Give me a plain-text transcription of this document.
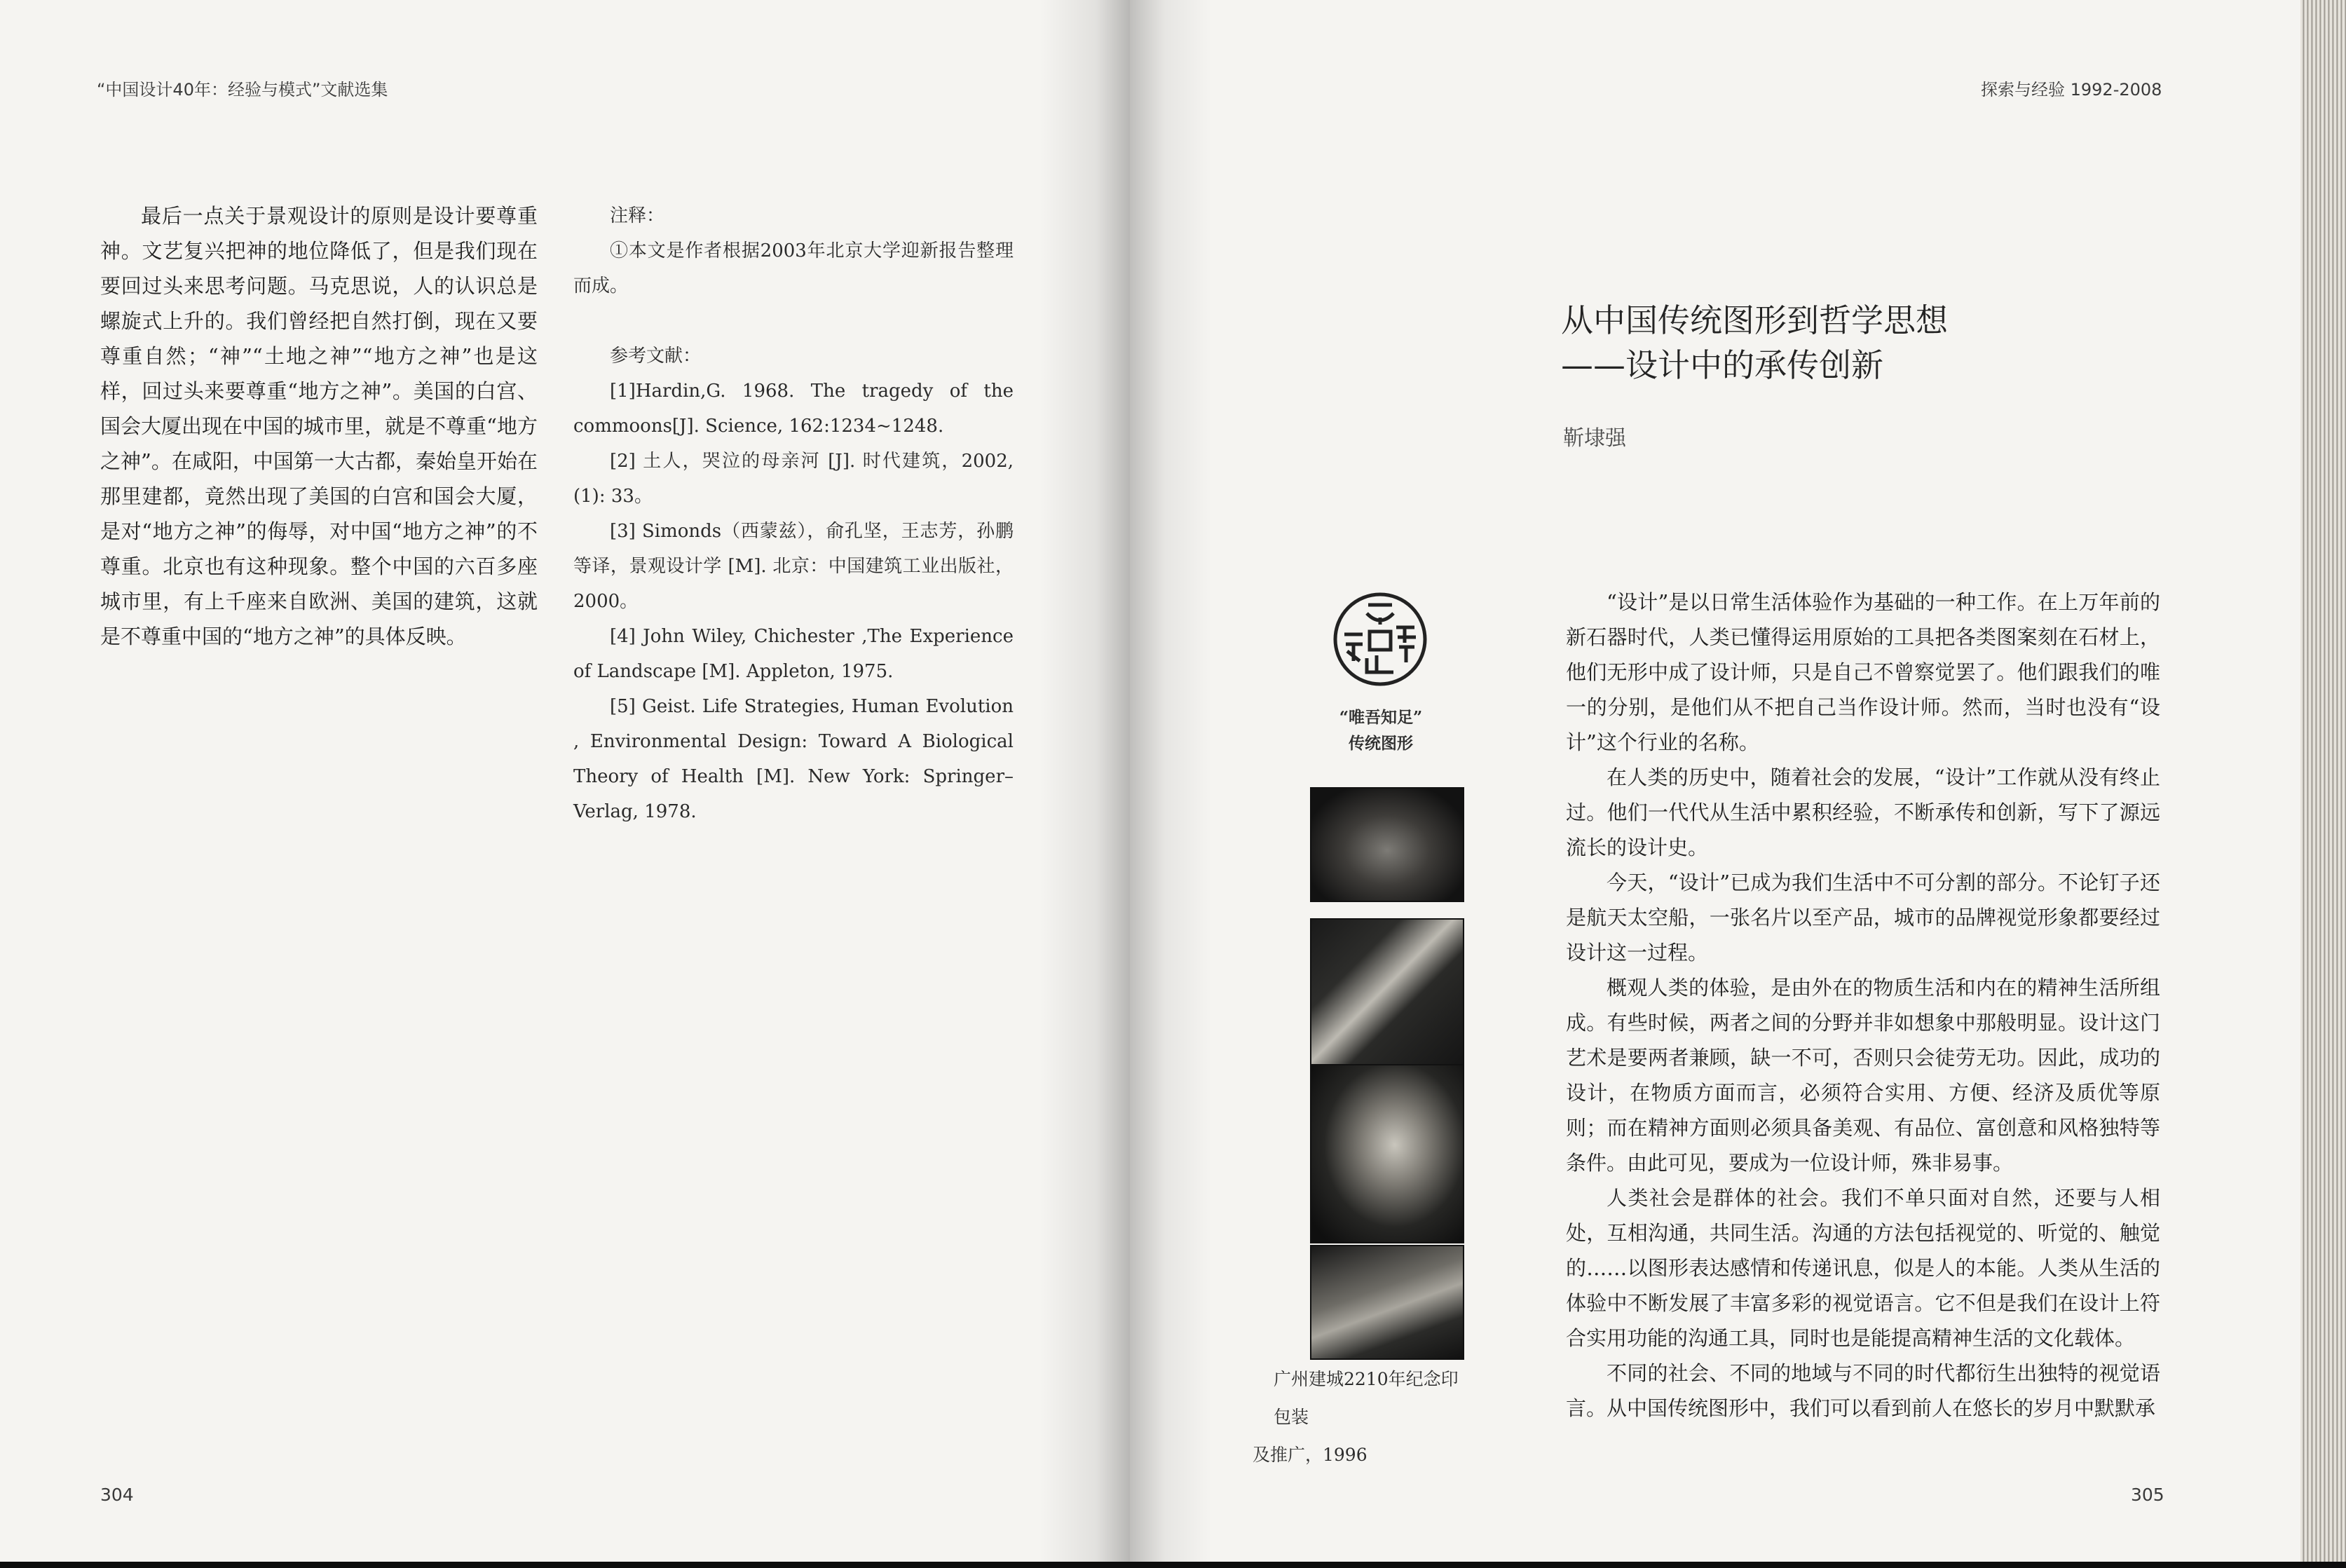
“中国设计40年：经验与模式”文献选集

最后一点关于景观设计的原则是设计要尊重神。文艺复兴把神的地位降低了，但是我们现在要回过头来思考问题。马克思说，人的认识总是螺旋式上升的。我们曾经把自然打倒，现在又要尊重自然；“神”“土地之神”“地方之神”也是这样，回过头来要尊重“地方之神”。美国的白宫、国会大厦出现在中国的城市里，就是不尊重“地方之神”。在咸阳，中国第一大古都，秦始皇开始在那里建都，竟然出现了美国的白宫和国会大厦，是对“地方之神”的侮辱，对中国“地方之神”的不尊重。北京也有这种现象。整个中国的六百多座城市里，有上千座来自欧洲、美国的建筑，这就是不尊重中国的“地方之神”的具体反映。

注释：

①本文是作者根据2003年北京大学迎新报告整理而成。

参考文献：

[1]Hardin,G. 1968. The tragedy of the commoons[J]. Science, 162:1234~1248.

[2] 土人，哭泣的母亲河 [J]. 时代建筑，2002,(1): 33。

[3] Simonds（西蒙兹），俞孔坚，王志芳，孙鹏等译，景观设计学 [M]. 北京：中国建筑工业出版社，2000。

[4] John Wiley, Chichester ,The Experience of Landscape [M]. Appleton, 1975.

[5] Geist. Life Strategies, Human Evolution , Environmental Design: Toward A Biological Theory of Health [M]. New York: Springer–Verlag, 1978.

304
探索与经验 1992-2008
从中国传统图形到哲学思想
——设计中的承传创新
靳埭强
“唯吾知足”
传统图形
广州建城2210年纪念印包装
及推广，1996

“设计”是以日常生活体验作为基础的一种工作。在上万年前的新石器时代，人类已懂得运用原始的工具把各类图案刻在石材上，他们无形中成了设计师，只是自己不曾察觉罢了。他们跟我们的唯一的分别，是他们从不把自己当作设计师。然而，当时也没有“设计”这个行业的名称。

在人类的历史中，随着社会的发展，“设计”工作就从没有终止过。他们一代代从生活中累积经验，不断承传和创新，写下了源远流长的设计史。

今天，“设计”已成为我们生活中不可分割的部分。不论钉子还是航天太空船，一张名片以至产品，城市的品牌视觉形象都要经过设计这一过程。

概观人类的体验，是由外在的物质生活和内在的精神生活所组成。有些时候，两者之间的分野并非如想象中那般明显。设计这门艺术是要两者兼顾，缺一不可，否则只会徒劳无功。因此，成功的设计，在物质方面而言，必须符合实用、方便、经济及质优等原则；而在精神方面则必须具备美观、有品位、富创意和风格独特等条件。由此可见，要成为一位设计师，殊非易事。

人类社会是群体的社会。我们不单只面对自然，还要与人相处，互相沟通，共同生活。沟通的方法包括视觉的、听觉的、触觉的……以图形表达感情和传递讯息，似是人的本能。人类从生活的体验中不断发展了丰富多彩的视觉语言。它不但是我们在设计上符合实用功能的沟通工具，同时也是能提高精神生活的文化载体。

不同的社会、不同的地域与不同的时代都衍生出独特的视觉语言。从中国传统图形中，我们可以看到前人在悠长的岁月中默默承

305
